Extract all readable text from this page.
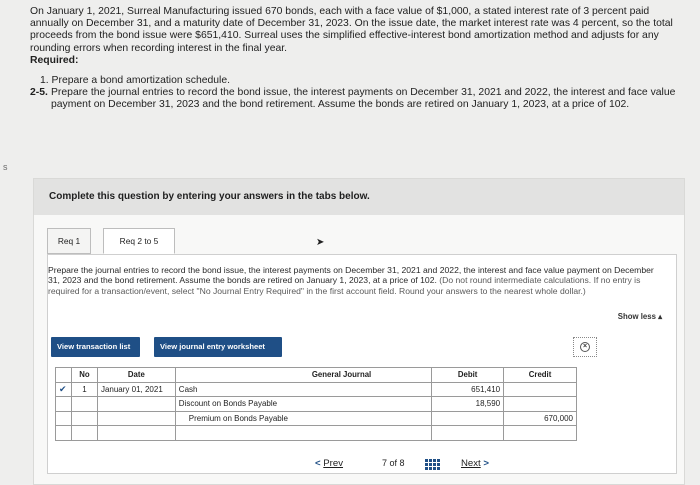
On January 1, 2021, Surreal Manufacturing issued 670 bonds, each with a face value of $1,000, a stated interest rate of 3 percent paid annually on December 31, and a maturity date of December 31, 2023. On the issue date, the market interest rate was 4 percent, so the total proceeds from the bond issue were $651,410. Surreal uses the simplified effective-interest bond amortization method and adjusts for any rounding errors when recording interest in the final year.

Required:

1. Prepare a bond amortization schedule.
2-5. Prepare the journal entries to record the bond issue, the interest payments on December 31, 2021 and 2022, the interest and face value payment on December 31, 2023 and the bond retirement. Assume the bonds are retired on January 1, 2023, at a price of 102.
s
Complete this question by entering your answers in the tabs below.
Req 1	Req 2 to 5
Prepare the journal entries to record the bond issue, the interest payments on December 31, 2021 and 2022, the interest and face value payment on December 31, 2023 and the bond retirement. Assume the bonds are retired on January 1, 2023, at a price of 102. (Do not round intermediate calculations. If no entry is required for a transaction/event, select "No Journal Entry Required" in the first account field. Round your answers to the nearest whole dollar.)
Show less ▴
View transaction list	View journal entry worksheet	×
	No	Date	General Journal	Debit	Credit
✔	1	January 01, 2021	Cash	651,410	
			Discount on Bonds Payable	18,590	
			Premium on Bonds Payable		670,000

< Prev	7 of 8	Next >
➤
